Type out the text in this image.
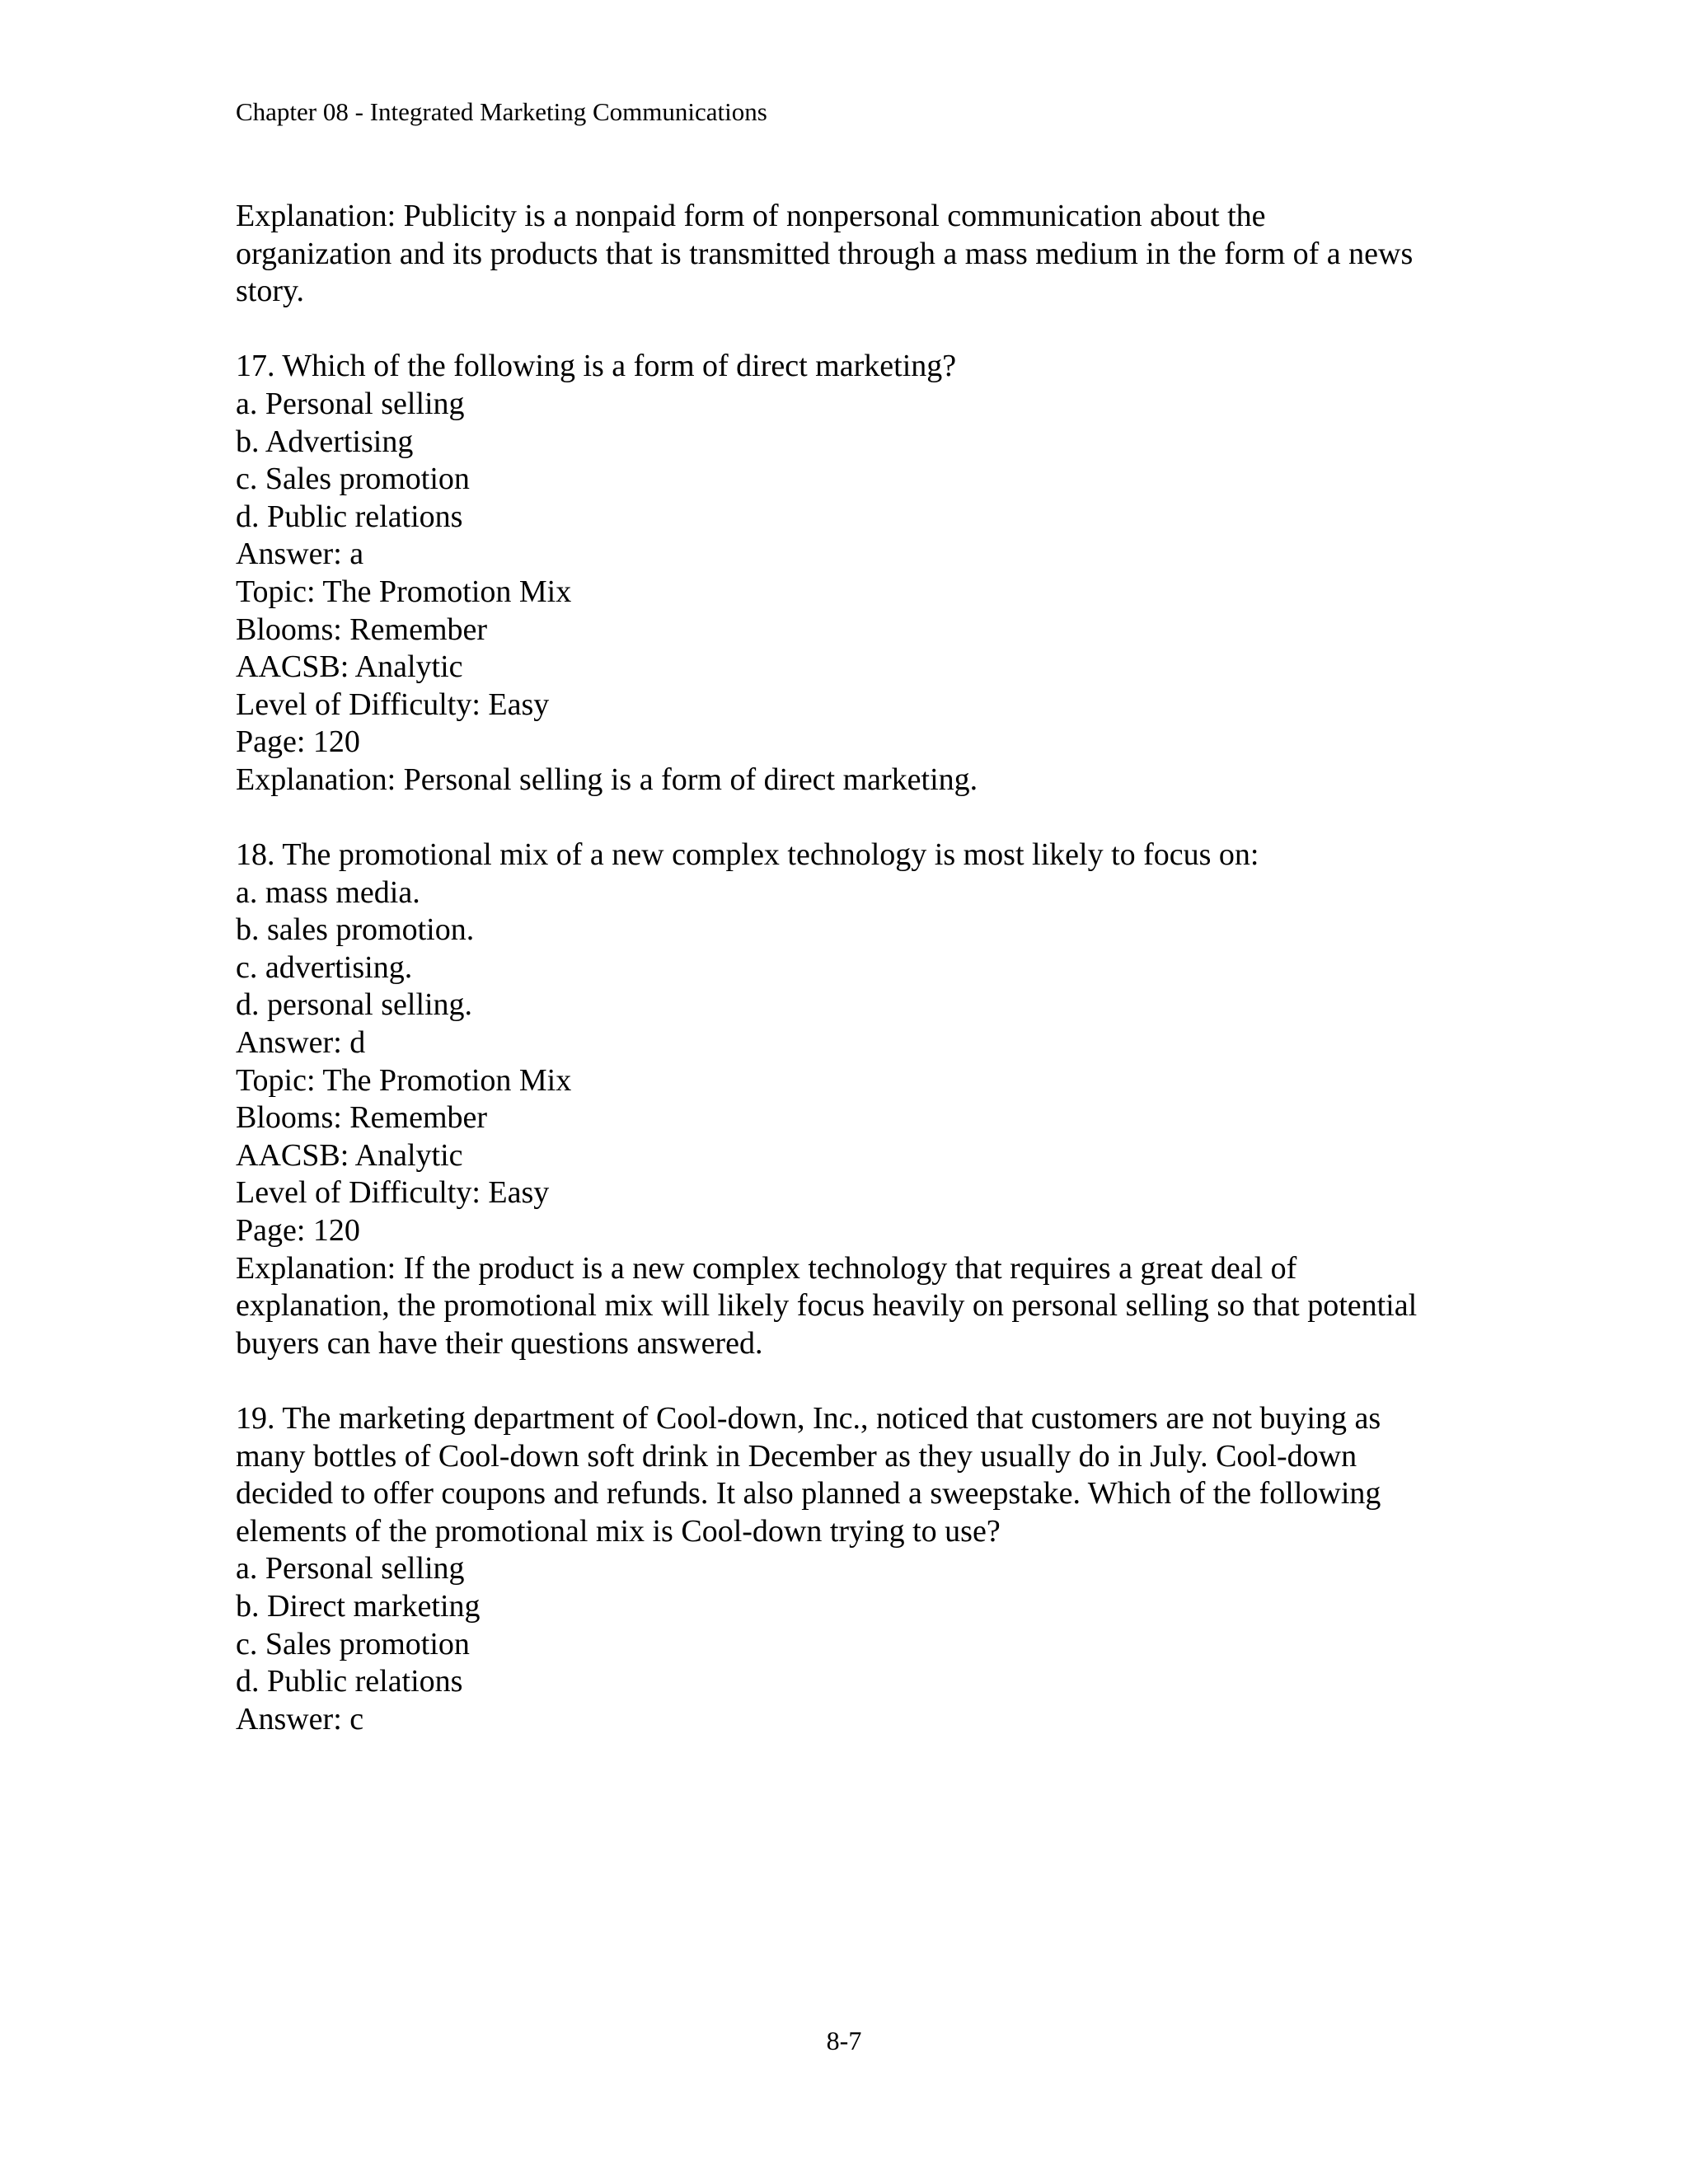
Chapter 08 - Integrated Marketing Communications
Explanation: Publicity is a nonpaid form of nonpersonal communication about the
organization and its products that is transmitted through a mass medium in the form of a news
story.
17. Which of the following is a form of direct marketing?
a. Personal selling
b. Advertising
c. Sales promotion
d. Public relations
Answer: a
Topic: The Promotion Mix
Blooms: Remember
AACSB: Analytic
Level of Difficulty: Easy
Page: 120
Explanation: Personal selling is a form of direct marketing.
18. The promotional mix of a new complex technology is most likely to focus on:
a. mass media.
b. sales promotion.
c. advertising.
d. personal selling.
Answer: d
Topic: The Promotion Mix
Blooms: Remember
AACSB: Analytic
Level of Difficulty: Easy
Page: 120
Explanation: If the product is a new complex technology that requires a great deal of
explanation, the promotional mix will likely focus heavily on personal selling so that potential
buyers can have their questions answered.
19. The marketing department of Cool-down, Inc., noticed that customers are not buying as
many bottles of Cool-down soft drink in December as they usually do in July. Cool-down
decided to offer coupons and refunds. It also planned a sweepstake. Which of the following
elements of the promotional mix is Cool-down trying to use?
a. Personal selling
b. Direct marketing
c. Sales promotion
d. Public relations
Answer: c
8-7
